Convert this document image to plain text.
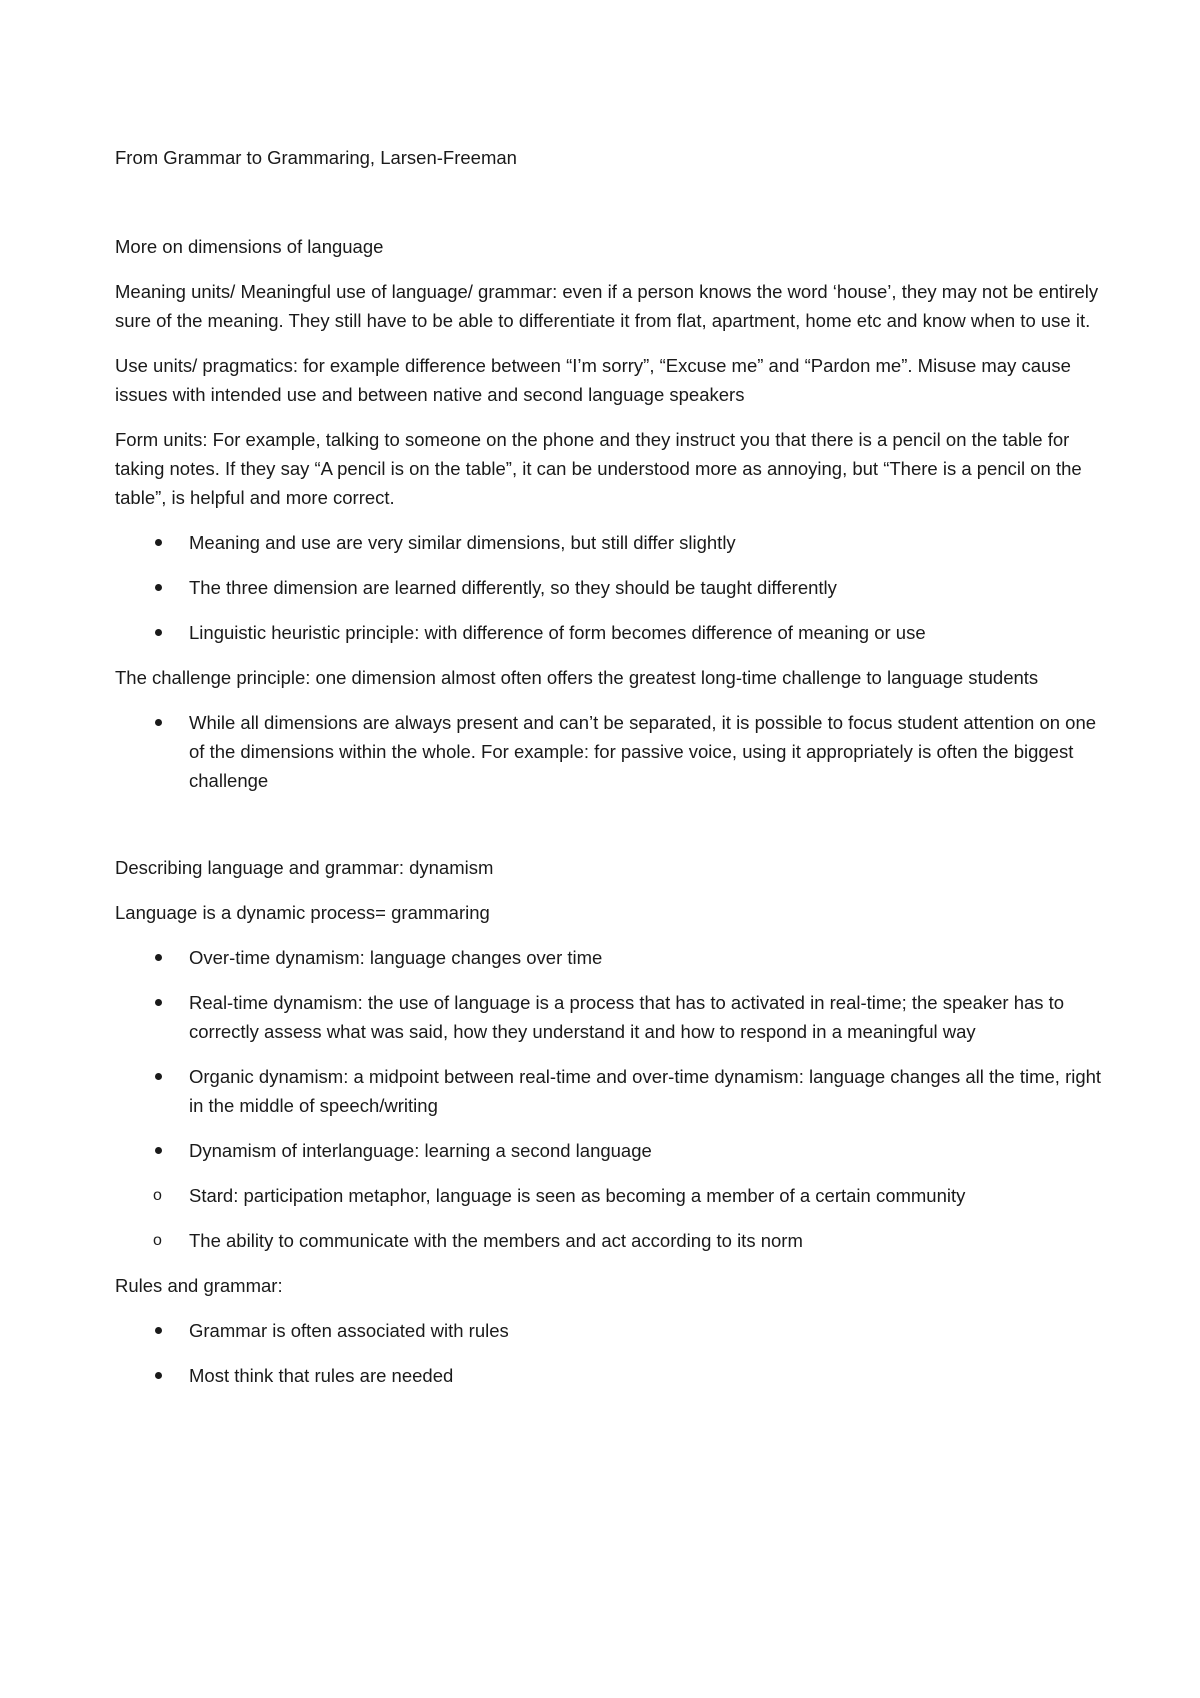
From Grammar to Grammaring, Larsen-Freeman

More on dimensions of language

Meaning units/ Meaningful use of language/ grammar: even if a person knows the word ‘house’, they may not be entirely sure of the meaning. They still have to be able to differentiate it from flat, apartment, home etc and know when to use it.

Use units/ pragmatics: for example difference between “I’m sorry”, “Excuse me” and “Pardon me”. Misuse may cause issues with intended use and between native and second language speakers

Form units: For example, talking to someone on the phone and they instruct you that there is a pencil on the table for taking notes. If they say “A pencil is on the table”, it can be understood more as annoying, but “There is a pencil on the table”, is helpful and more correct.

Meaning and use are very similar dimensions, but still differ slightly
The three dimension are learned differently, so they should be taught differently
Linguistic heuristic principle: with difference of form becomes difference of meaning or use

The challenge principle: one dimension almost often offers the greatest long-time challenge to language students

While all dimensions are always present and can’t be separated, it is possible to focus student attention on one of the dimensions within the whole. For example: for passive voice, using it appropriately is often the biggest challenge

Describing language and grammar: dynamism

Language is a dynamic process= grammaring

Over-time dynamism: language changes over time
Real-time dynamism: the use of language is a process that has to activated in real-time; the speaker has to correctly assess what was said, how they understand it and how to respond in a meaningful way
Organic dynamism: a midpoint between real-time and over-time dynamism: language changes all the time, right in the middle of speech/writing
Dynamism of interlanguage: learning a second language
o	Stard: participation metaphor, language is seen as becoming a member of a certain community
o	The ability to communicate with the members and act according to its norm

Rules and grammar:

Grammar is often associated with rules
Most think that rules are needed
